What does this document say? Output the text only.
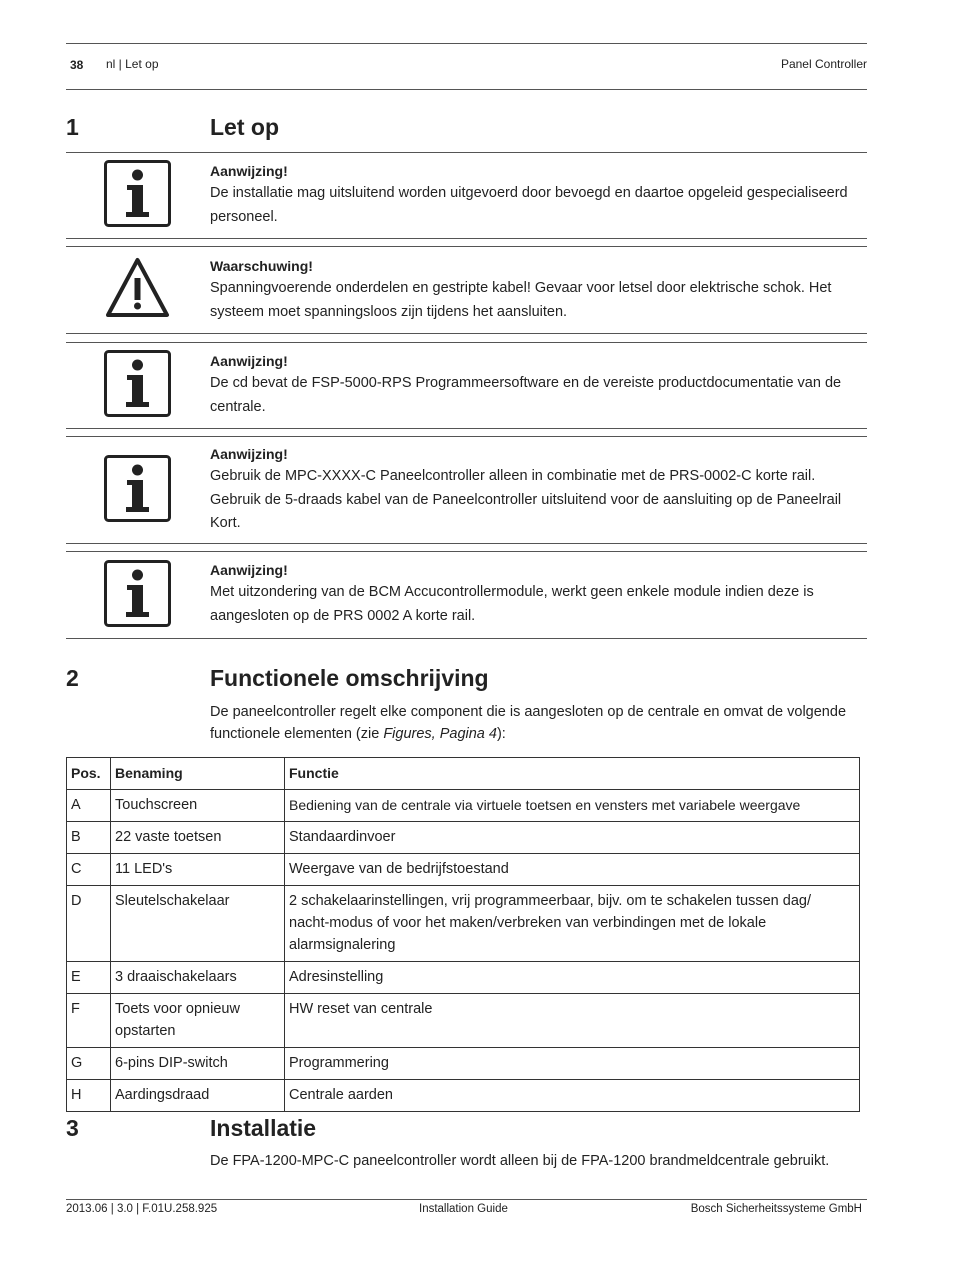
38 nl | Let op	Panel Controller
1	Let op
Aanwijzing!
De installatie mag uitsluitend worden uitgevoerd door bevoegd en daartoe opgeleid gespecialiseerd personeel.
Waarschuwing!
Spanningvoerende onderdelen en gestripte kabel! Gevaar voor letsel door elektrische schok. Het systeem moet spanningsloos zijn tijdens het aansluiten.
Aanwijzing!
De cd bevat de FSP-5000-RPS Programmeersoftware en de vereiste productdocumentatie van de centrale.
Aanwijzing!
Gebruik de MPC-XXXX-C Paneelcontroller alleen in combinatie met de PRS-0002-C korte rail. Gebruik de 5-draads kabel van de Paneelcontroller uitsluitend voor de aansluiting op de Paneelrail Kort.
Aanwijzing!
Met uitzondering van de BCM Accucontrollermodule, werkt geen enkele module indien deze is aangesloten op de PRS 0002 A korte rail.
2	Functionele omschrijving
De paneelcontroller regelt elke component die is aangesloten op de centrale en omvat de volgende functionele elementen (zie Figures, Pagina 4):
Pos.	Benaming	Functie
A	Touchscreen	Bediening van de centrale via virtuele toetsen en vensters met variabele weergave
B	22 vaste toetsen	Standaardinvoer
C	11 LED's	Weergave van de bedrijfstoestand
D	Sleutelschakelaar	2 schakelaarinstellingen, vrij programmeerbaar, bijv. om te schakelen tussen dag/ nacht-modus of voor het maken/verbreken van verbindingen met de lokale alarmsignalering
E	3 draaischakelaars	Adresinstelling
F	Toets voor opnieuw opstarten	HW reset van centrale
G	6-pins DIP-switch	Programmering
H	Aardingsdraad	Centrale aarden
3	Installatie
De FPA-1200-MPC-C paneelcontroller wordt alleen bij de FPA-1200 brandmeldcentrale gebruikt.
2013.06 | 3.0 | F.01U.258.925	Installation Guide	Bosch Sicherheitssysteme GmbH
